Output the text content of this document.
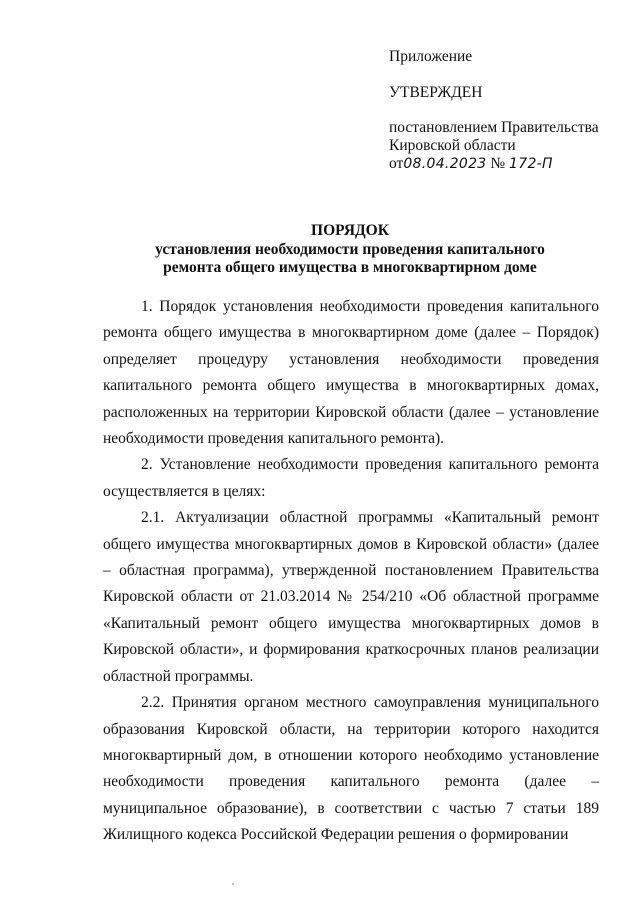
Приложение
УТВЕРЖДЕН
постановлением Правительства
Кировской области
от08.04.2023 № 172-П
ПОРЯДОК
установления необходимости проведения капитального
ремонта общего имущества в многоквартирном доме

1. Порядок установления необходимости проведения капитального ремонта общего имущества в многоквартирном доме (далее – Порядок) определяет процедуру установления необходимости проведения капитального ремонта общего имущества в многоквартирных домах, расположенных на территории Кировской области (далее – установление необходимости проведения капитального ремонта).

2. Установление необходимости проведения капитального ремонта осуществляется в целях:

2.1. Актуализации областной программы «Капитальный ремонт общего имущества многоквартирных домов в Кировской области» (далее – областная программа), утвержденной постановлением Правительства Кировской области от 21.03.2014 № 254/210 «Об областной программе «Капитальный ремонт общего имущества многоквартирных домов в Кировской области», и формирования краткосрочных планов реализации областной программы.

2.2. Принятия органом местного самоуправления муниципального образования Кировской области, на территории которого находится многоквартирный дом, в отношении которого необходимо установление необходимости проведения капитального ремонта (далее – муниципальное образование), в соответствии с частью 7 статьи 189 Жилищного кодекса Российской Федерации решения о формировании
